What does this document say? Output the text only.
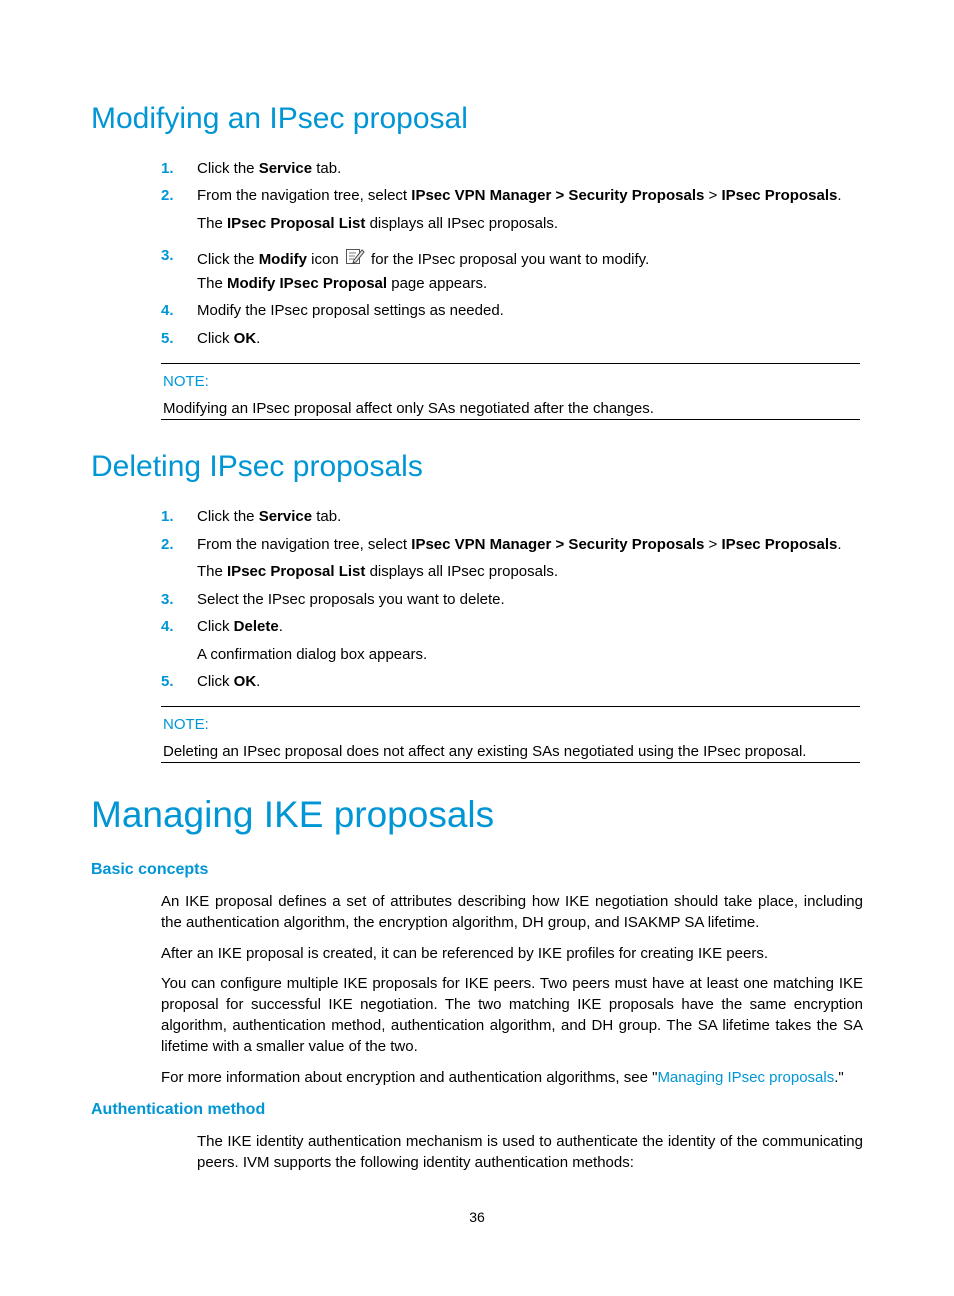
Modifying an IPsec proposal
1.	Click the Service tab.
2.	From the navigation tree, select IPsec VPN Manager > Security Proposals > IPsec Proposals.
The IPsec Proposal List displays all IPsec proposals.
3.	Click the Modify icon  for the IPsec proposal you want to modify.
The Modify IPsec Proposal page appears.
4.	Modify the IPsec proposal settings as needed.
5.	Click OK.
NOTE:
Modifying an IPsec proposal affect only SAs negotiated after the changes.
Deleting IPsec proposals
1.	Click the Service tab.
2.	From the navigation tree, select IPsec VPN Manager > Security Proposals > IPsec Proposals.
The IPsec Proposal List displays all IPsec proposals.
3.	Select the IPsec proposals you want to delete.
4.	Click Delete.
A confirmation dialog box appears.
5.	Click OK.
NOTE:
Deleting an IPsec proposal does not affect any existing SAs negotiated using the IPsec proposal.
Managing IKE proposals
Basic concepts
An IKE proposal defines a set of attributes describing how IKE negotiation should take place, including the authentication algorithm, the encryption algorithm, DH group, and ISAKMP SA lifetime.
After an IKE proposal is created, it can be referenced by IKE profiles for creating IKE peers.
You can configure multiple IKE proposals for IKE peers. Two peers must have at least one matching IKE proposal for successful IKE negotiation. The two matching IKE proposals have the same encryption algorithm, authentication method, authentication algorithm, and DH group. The SA lifetime takes the SA lifetime with a smaller value of the two.
For more information about encryption and authentication algorithms, see "Managing IPsec proposals."
Authentication method
The IKE identity authentication mechanism is used to authenticate the identity of the communicating peers. IVM supports the following identity authentication methods:
36
